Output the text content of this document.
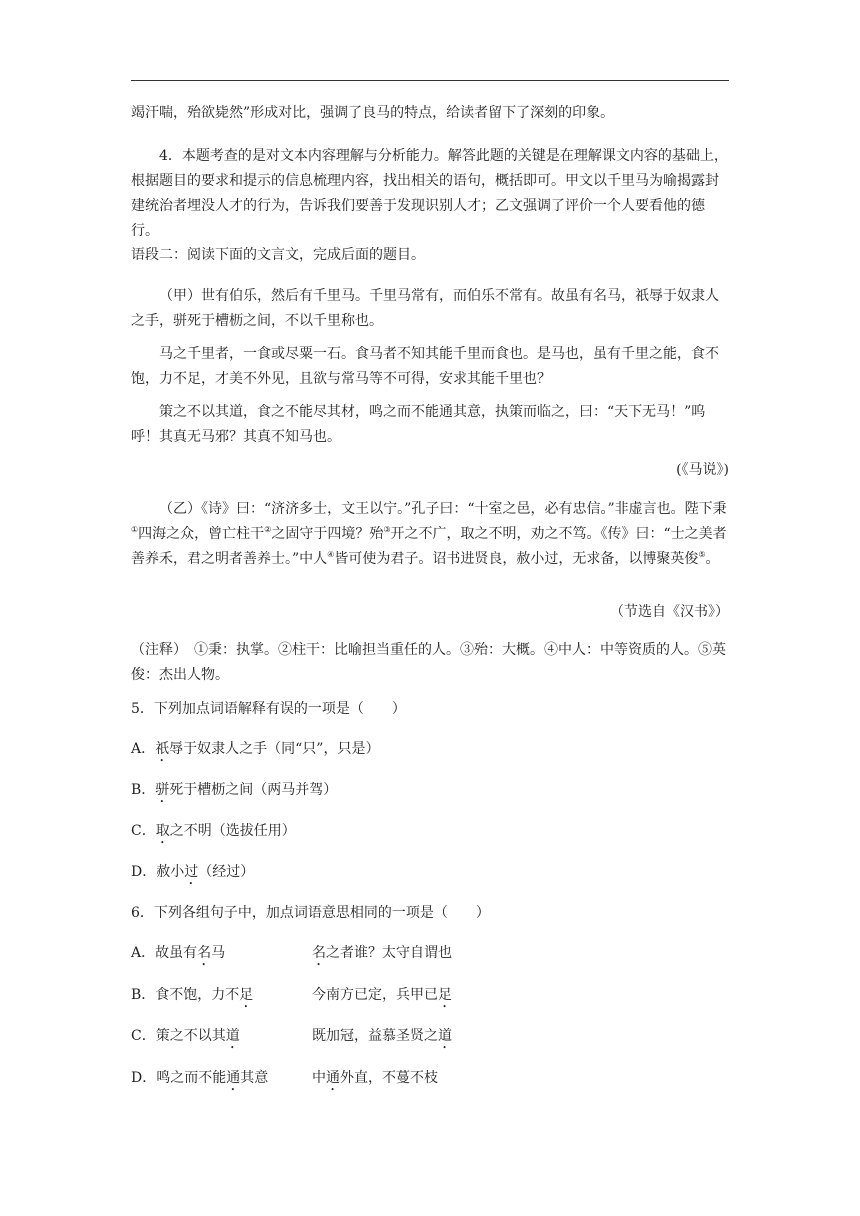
竭汗喘，殆欲毙然”形成对比，强调了良马的特点，给读者留下了深刻的印象。

4．本题考查的是对文本内容理解与分析能力。解答此题的关键是在理解课文内容的基础上，根据题目的要求和提示的信息梳理内容，找出相关的语句，概括即可。甲文以千里马为喻揭露封建统治者埋没人才的行为，告诉我们要善于发现识别人才；乙文强调了评价一个人要看他的德行。

语段二：阅读下面的文言文，完成后面的题目。

（甲）世有伯乐，然后有千里马。千里马常有，而伯乐不常有。故虽有名马，祇辱于奴隶人之手，骈死于槽枥之间，不以千里称也。

马之千里者，一食或尽粟一石。食马者不知其能千里而食也。是马也，虽有千里之能，食不饱，力不足，才美不外见，且欲与常马等不可得，安求其能千里也？

策之不以其道，食之不能尽其材，鸣之而不能通其意，执策而临之，曰：“天下无马！”呜呼！其真无马邪？其真不知马也。

(《马说》)

（乙）《诗》曰：“济济多士，文王以宁。”孔子曰：“十室之邑，必有忠信。”非虚言也。陛下秉①四海之众，曾亡柱干②之固守于四境？殆③开之不广，取之不明，劝之不笃。《传》曰：“士之美者善养禾，君之明者善养士。”中人④皆可使为君子。诏书进贤良，赦小过，无求备，以博聚英俊⑤。

（节选自《汉书》）

（注释）　①秉：执掌。②柱干：比喻担当重任的人。③殆：大概。④中人：中等资质的人。⑤英俊：杰出人物。

5．下列加点词语解释有误的一项是（　　）

A．祇辱于奴隶人之手（同“只”，只是）
B．骈死于槽枥之间（两马并驾）
C．取之不明（选拔任用）
D．赦小过（经过）

6．下列各组句子中，加点词语意思相同的一项是（　　）

A．故虽有名马	名之者谁？太守自谓也
B．食不饱，力不足	今南方已定，兵甲已足
C．策之不以其道	既加冠，益慕圣贤之道
D．鸣之而不能通其意	中通外直，不蔓不枝
